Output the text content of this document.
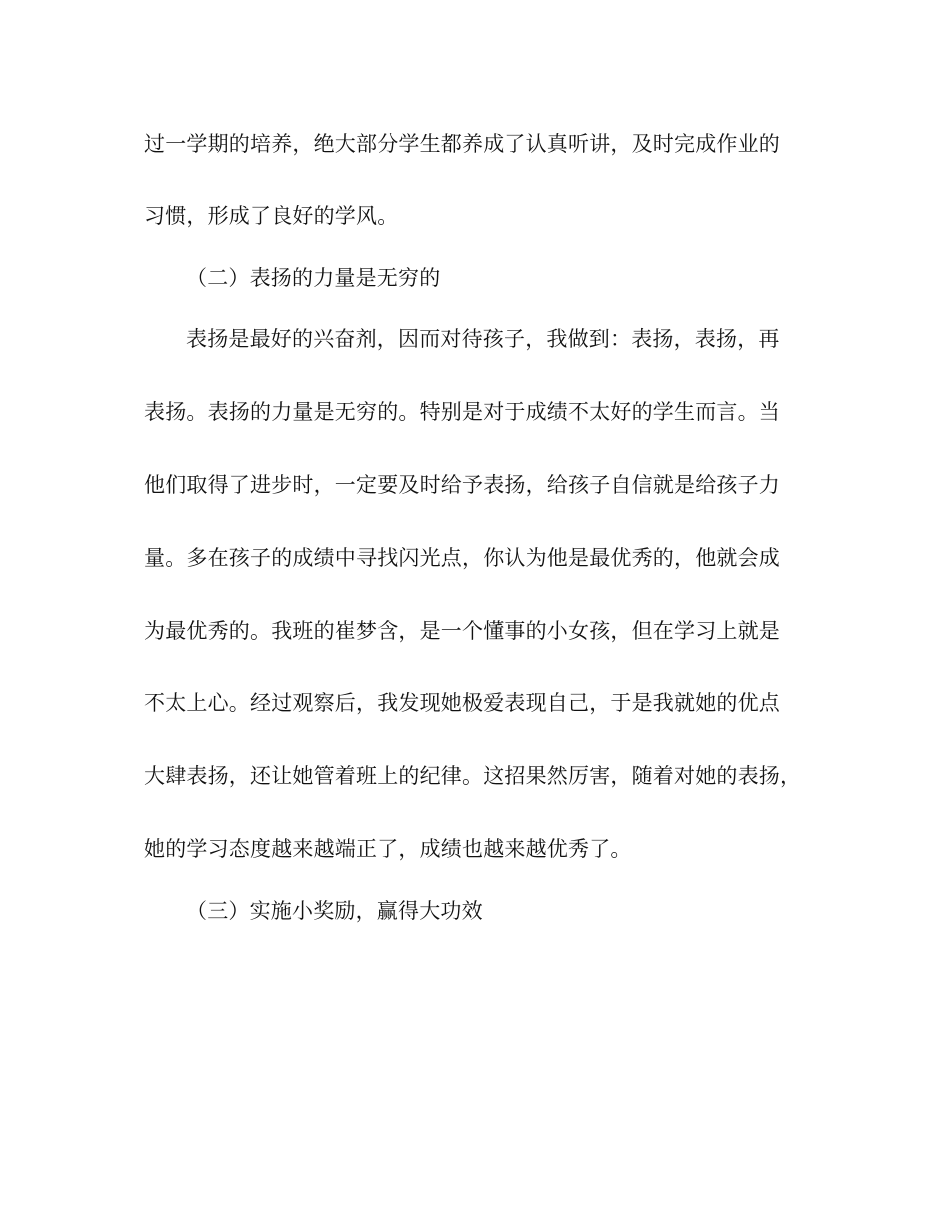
过一学期的培养，绝大部分学生都养成了认真听讲，及时完成作业的
习惯，形成了良好的学风。
（二）表扬的力量是无穷的
表扬是最好的兴奋剂，因而对待孩子，我做到：表扬，表扬，再
表扬。表扬的力量是无穷的。特别是对于成绩不太好的学生而言。当
他们取得了进步时，一定要及时给予表扬，给孩子自信就是给孩子力
量。多在孩子的成绩中寻找闪光点，你认为他是最优秀的，他就会成
为最优秀的。我班的崔梦含，是一个懂事的小女孩，但在学习上就是
不太上心。经过观察后，我发现她极爱表现自己，于是我就她的优点
大肆表扬，还让她管着班上的纪律。这招果然厉害，随着对她的表扬，
她的学习态度越来越端正了，成绩也越来越优秀了。
（三）实施小奖励，赢得大功效
